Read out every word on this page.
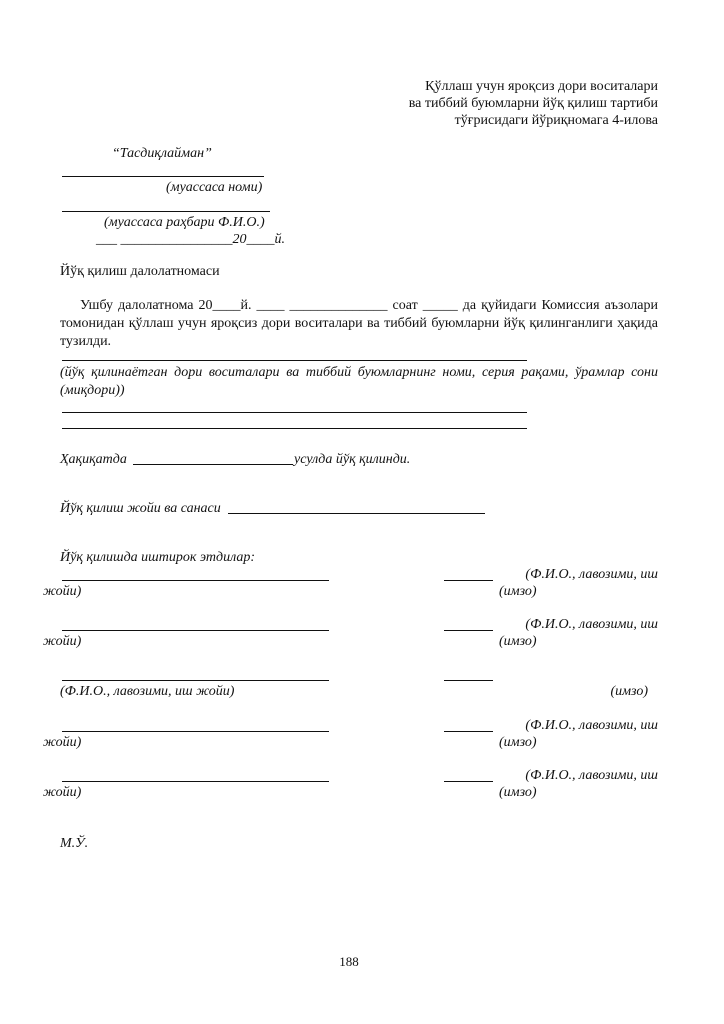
Қўллаш учун яроқсиз дори воситалари
ва тиббий буюмларни йўқ қилиш тартиби
тўғрисидаги йўриқномага 4-илова
“Тасдиқлайман”
(муассаса номи)
(муассаса раҳбари Ф.И.О.)
___ ________________20____й.
Йўқ қилиш далолатномаси
Ушбу далолатнома 20____й. ____ ______________ соат _____ да қуйидаги Комиссия аъзолари томонидан қўллаш учун яроқсиз дори воситалари ва тиббий буюмларни йўқ қилинганлиги ҳақида тузилди.
(йўқ қилинаётган дори воситалари ва тиббий буюмларнинг номи, серия рақами, ўрамлар сони (миқдори))
Ҳақиқатда	усулда йўқ қилинди.
Йўқ қилиш жойи ва санаси
Йўқ қилишда иштирок этдилар:
(Ф.И.О., лавозими, иш
жойи)	(имзо)
(Ф.И.О., лавозими, иш
жойи)	(имзо)
(Ф.И.О., лавозими, иш жойи)	(имзо)
(Ф.И.О., лавозими, иш
жойи)	(имзо)
(Ф.И.О., лавозими, иш
жойи)	(имзо)
М.Ў.
188
